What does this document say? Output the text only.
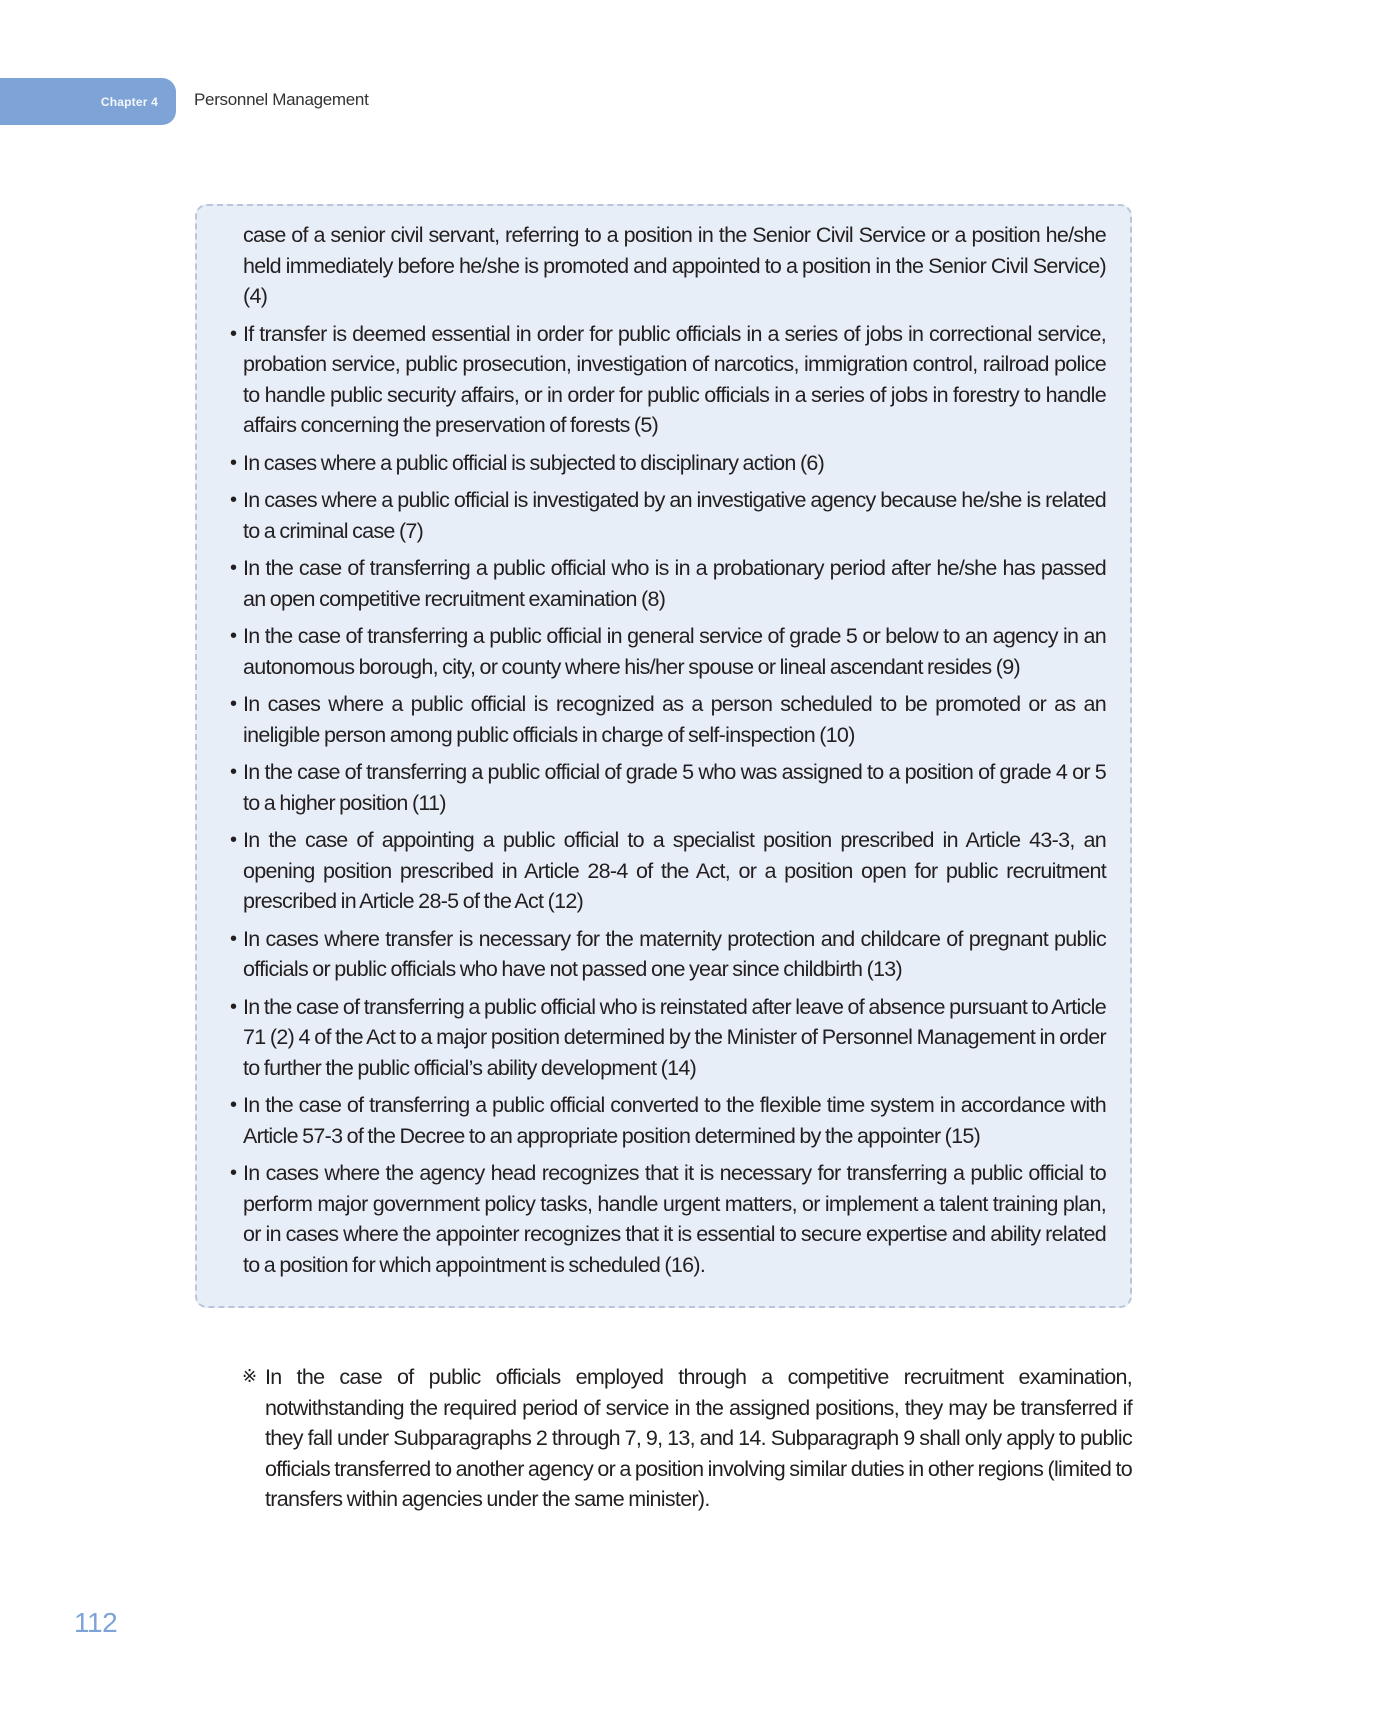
Chapter 4 Personnel Management

case of a senior civil servant, referring to a position in the Senior Civil Service or a position he/she held immediately before he/she is promoted and appointed to a position in the Senior Civil Service) (4)

• If transfer is deemed essential in order for public officials in a series of jobs in correctional service, probation service, public prosecution, investigation of narcotics, immigration control, railroad police to handle public security affairs, or in order for public officials in a series of jobs in forestry to handle affairs concerning the preservation of forests (5)
• In cases where a public official is subjected to disciplinary action (6)
• In cases where a public official is investigated by an investigative agency because he/she is related to a criminal case (7)
• In the case of transferring a public official who is in a probationary period after he/she has passed an open competitive recruitment examination (8)
• In the case of transferring a public official in general service of grade 5 or below to an agency in an autonomous borough, city, or county where his/her spouse or lineal ascendant resides (9)
• In cases where a public official is recognized as a person scheduled to be promoted or as an ineligible person among public officials in charge of self-inspection (10)
• In the case of transferring a public official of grade 5 who was assigned to a position of grade 4 or 5 to a higher position (11)
• In the case of appointing a public official to a specialist position prescribed in Article 43-3, an opening position prescribed in Article 28-4 of the Act, or a position open for public recruitment prescribed in Article 28-5 of the Act (12)
• In cases where transfer is necessary for the maternity protection and childcare of pregnant public officials or public officials who have not passed one year since childbirth (13)
• In the case of transferring a public official who is reinstated after leave of absence pursuant to Article 71 (2) 4 of the Act to a major position determined by the Minister of Personnel Management in order to further the public official’s ability development (14)
• In the case of transferring a public official converted to the flexible time system in accordance with Article 57-3 of the Decree to an appropriate position determined by the appointer (15)
• In cases where the agency head recognizes that it is necessary for transferring a public official to perform major government policy tasks, handle urgent matters, or implement a talent training plan, or in cases where the appointer recognizes that it is essential to secure expertise and ability related to a position for which appointment is scheduled (16).
※ In the case of public officials employed through a competitive recruitment examination, notwithstanding the required period of service in the assigned positions, they may be transferred if they fall under Subparagraphs 2 through 7, 9, 13, and 14. Subparagraph 9 shall only apply to public officials transferred to another agency or a position involving similar duties in other regions (limited to transfers within agencies under the same minister).
112
